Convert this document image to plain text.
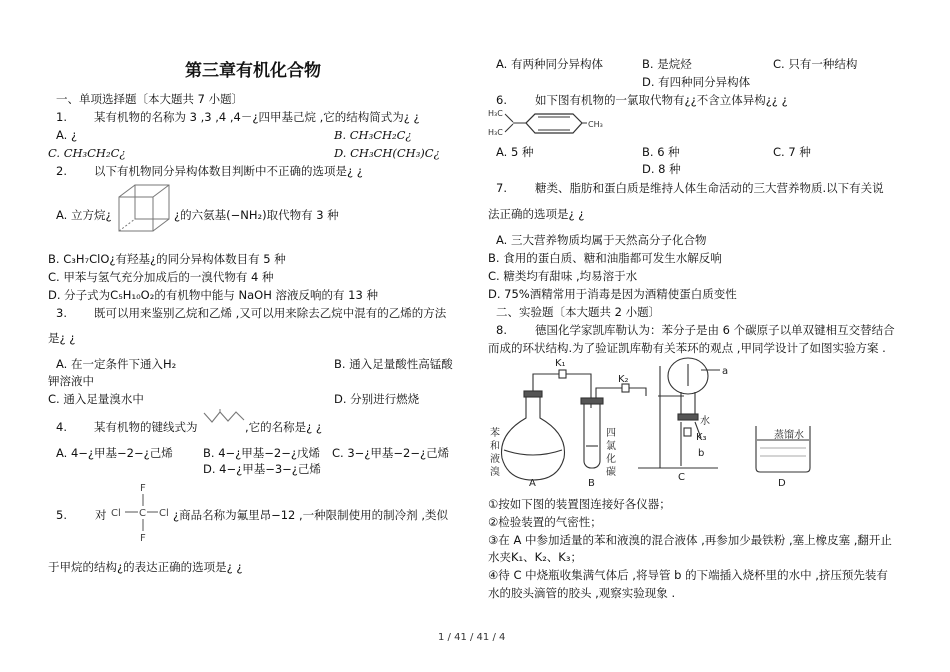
第三章有机化合物
一、单项选择题〔本大题共 7 小题〕
1. 某有机物的名称为 3 ,3 ,4 ,4－¿四甲基己烷 ,它的结构简式为¿ ¿
A. ¿	B. CH₃CH₂C¿
C. CH₃CH₂C¿	D. CH₃CH(CH₃)C¿
2. 以下有机物同分异构体数目判断中不正确的选项是¿ ¿
A. 立方烷¿	¿的六氨基(−NH₂)取代物有 3 种
B. C₃H₇ClO¿有羟基¿的同分异构体数目有 5 种
C. 甲苯与氢气充分加成后的一溴代物有 4 种
D. 分子式为C₅H₁₀O₂的有机物中能与 NaOH 溶液反响的有 13 种
3. 既可以用来鉴别乙烷和乙烯 ,又可以用来除去乙烷中混有的乙烯的方法
是¿ ¿
A. 在一定条件下通入H₂	B. 通入足量酸性高锰酸
钾溶液中
C. 通入足量溴水中	D. 分别进行燃烧
4. 某有机物的键线式为	,它的名称是¿ ¿
A. 4−¿甲基−2−¿己烯	B. 4−¿甲基−2−¿戊烯 C. 3−¿甲基−2−¿己烯
D. 4−¿甲基−3−¿己烯
5. 对
F
Cl C Cl
F
¿商品名称为氟里昂−12 ,一种限制使用的制冷剂 ,类似
于甲烷的结构¿的表达正确的选项是¿ ¿
A. 有两种同分异构体	B. 是烷烃	C. 只有一种结构
D. 有四种同分异构体
6. 如下图有机物的一氯取代物有¿¿不含立体异构¿¿ ¿
H₃C
H₃C
CH₃
A. 5 种	B. 6 种	C. 7 种
D. 8 种
7. 糖类、脂肪和蛋白质是维持人体生命活动的三大营养物质.以下有关说
法正确的选项是¿ ¿
A. 三大营养物质均属于天然高分子化合物
B. 食用的蛋白质、糖和油脂都可发生水解反响
C. 糖类均有甜味 ,均易溶于水
D. 75%酒精常用于消毒是因为酒精使蛋白质变性
二、实验题〔本大题共 2 小题〕
8. 德国化学家凯库勒认为：苯分子是由 6 个碳原子以单双键相互交替结合
而成的环状结构.为了验证凯库勒有关苯环的观点 ,甲同学设计了如图实验方案 .
K₁
K₂
K₃
a
b
水
苯
和
液
溴
四
氯
化
碳
蒸馏水
A	B
C
D
①按如下图的装置图连接好各仪器；
②检验装置的气密性；
③在 A 中参加适量的苯和液溴的混合液体 ,再参加少最铁粉 ,塞上橡皮塞 ,翻开止
水夹K₁、K₂、K₃；
④待 C 中烧瓶收集满气体后 ,将导管 b 的下端插入烧杯里的水中 ,挤压预先装有
水的胶头滴管的胶头 ,观察实验现象 .
1 / 41 / 41 / 4
